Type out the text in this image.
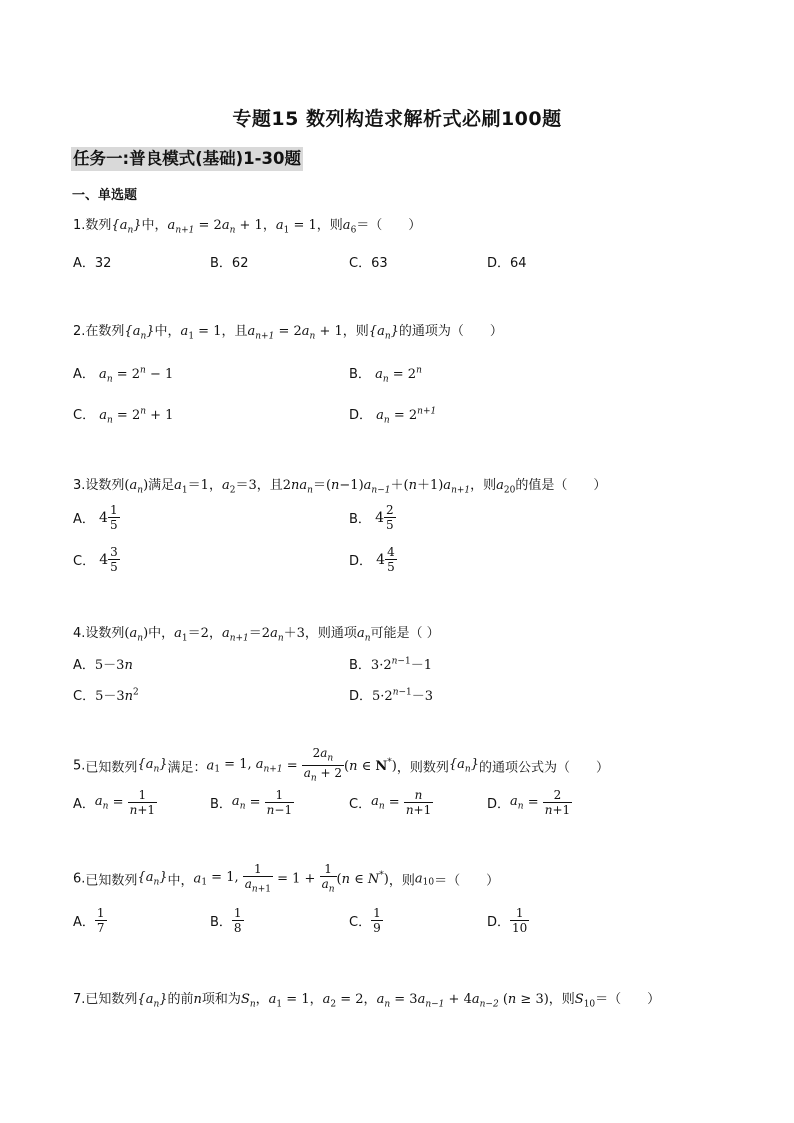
专题15 数列构造求解析式必刷100题
任务一:普良模式(基础)1-30题
一、单选题
1.数列$\{a_n\}$中，$a_{n+1} = 2a_n + 1$，$a_1 = 1$，则$a_6=$（　　）
A．32	B．62	C．63	D．64
2.在数列$\{a_n\}$中，$a_1 = 1$，且$a_{n+1} = 2a_n + 1$，则$\{a_n\}$的通项为（　　）
A． $a_n = 2^n - 1$	B． $a_n = 2^n$
C． $a_n = 2^n + 1$	D． $a_n = 2^{n+1}$
3.设数列$(a_n)$满足$a_1=1$，$a_2=3$，且$2na_n=(n-1)a_{n-1}+(n+1)a_{n+1}$，则$a_{20}$的值是（　　）
A． $4 \frac{1}{5}$	B． $4 \frac{2}{5}$
C． $4 \frac{3}{5}$	D． $4 \frac{4}{5}$
4.设数列$(a_n)$中，$a_1=2$，$a_{n+1}=2a_n+3$，则通项$a_n$可能是（ ）
A．5－3n	B．$3\cdot 2^{n-1}-1$
C．$5-3n^2$	D．$5\cdot 2^{n-1}-3$
5.已知数列$\{a_n\}$满足：$a_1 = 1$, $a_{n+1} = \frac{2a_n}{a_n + 2} (n$ ∈ N*)，则数列$\{a_n\}$的通项公式为（　　）
A．$a_n = \frac{1}{n+1}$	B．$a_n = \frac{1}{n-1}$	C．$a_n = \frac{n}{n+1}$	D．$a_n = \frac{2}{n+1}$
6.已知数列$\{a_n\}$中，$a_1 = 1$, $\frac{1}{a_{n+1}} = 1 + \frac{1}{a_n} (n$ ∈ N*)，则$a_{10}=$（　　）
A． $\frac{1}{7}$	B． $\frac{1}{8}$	C． $\frac{1}{9}$	D． $\frac{1}{10}$
7.已知数列$\{a_n\}$的前n项和为$S_n$，$a_1 = 1$，$a_2 = 2$，$a_n = 3a_{n-1} + 4a_{n-2}$ (n ≥ 3)，则$S_{10}=$（　　）
